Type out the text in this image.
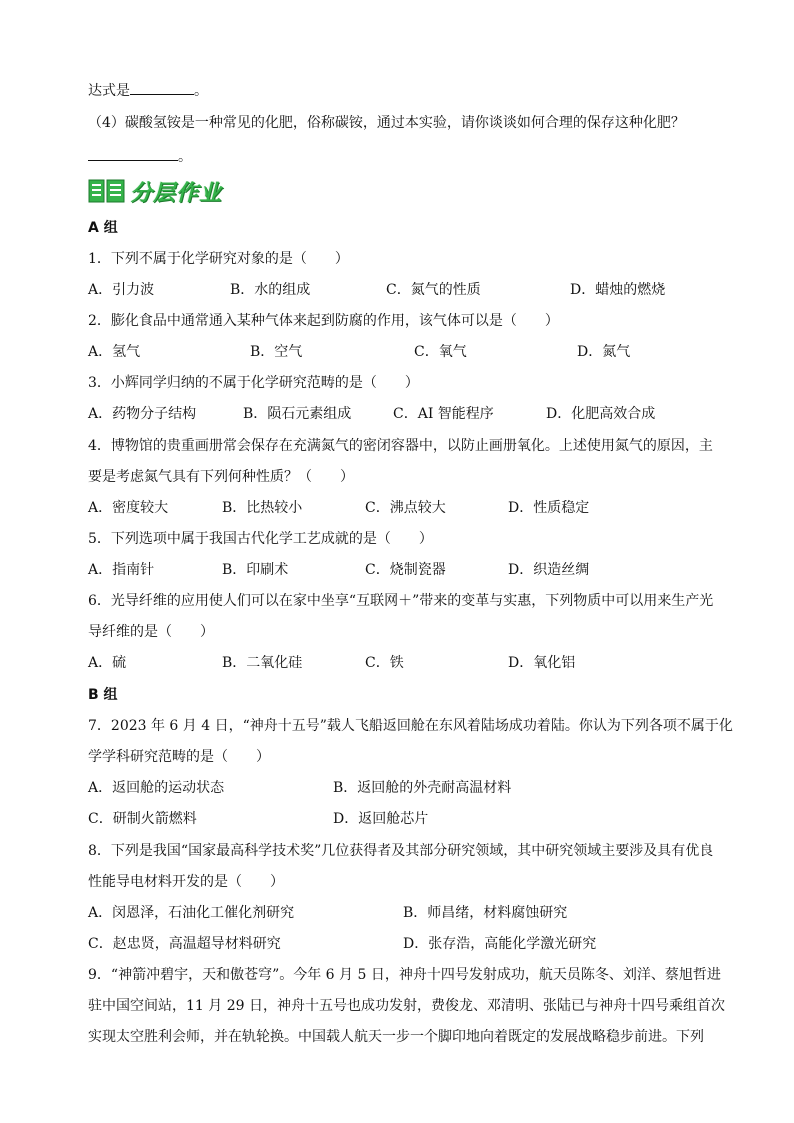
达式是	。
（4）碳酸氢铵是一种常见的化肥，俗称碳铵，通过本实验，请你谈谈如何合理的保存这种化肥？
。
分层作业
A 组
1．下列不属于化学研究对象的是（　　）
A．引力波	B．水的组成	C．氮气的性质	D．蜡烛的燃烧
2．膨化食品中通常通入某种气体来起到防腐的作用，该气体可以是（　　）
A．氢气	B．空气	C．氧气	D．氮气
3．小辉同学归纳的不属于化学研究范畴的是（　　）
A．药物分子结构	B．陨石元素组成	C．AI 智能程序	D．化肥高效合成
4．博物馆的贵重画册常会保存在充满氮气的密闭容器中，以防止画册氧化。上述使用氮气的原因，主
要是考虑氮气具有下列何种性质？（　　）
A．密度较大	B．比热较小	C．沸点较大	D．性质稳定
5．下列选项中属于我国古代化学工艺成就的是（　　）
A．指南针	B．印刷术	C．烧制瓷器	D．织造丝绸
6．光导纤维的应用使人们可以在家中坐享“互联网＋”带来的变革与实惠，下列物质中可以用来生产光
导纤维的是（　　）
A．硫	B．二氧化硅	C．铁	D．氧化铝
B 组
7．2023 年 6 月 4 日，“神舟十五号”载人飞船返回舱在东风着陆场成功着陆。你认为下列各项不属于化
学学科研究范畴的是（　　）
A．返回舱的运动状态	B．返回舱的外壳耐高温材料
C．研制火箭燃料	D．返回舱芯片
8．下列是我国“国家最高科学技术奖”几位获得者及其部分研究领域，其中研究领域主要涉及具有优良
性能导电材料开发的是（　　）
A．闵恩泽，石油化工催化剂研究	B．师昌绪，材料腐蚀研究
C．赵忠贤，高温超导材料研究	D．张存浩，高能化学激光研究
9．“神箭冲碧宇，天和傲苍穹”。今年 6 月 5 日，神舟十四号发射成功，航天员陈冬、刘洋、蔡旭哲进
驻中国空间站，11 月 29 日，神舟十五号也成功发射，费俊龙、邓清明、张陆已与神舟十四号乘组首次
实现太空胜利会师，并在轨轮换。中国载人航天一步一个脚印地向着既定的发展战略稳步前进。下列
